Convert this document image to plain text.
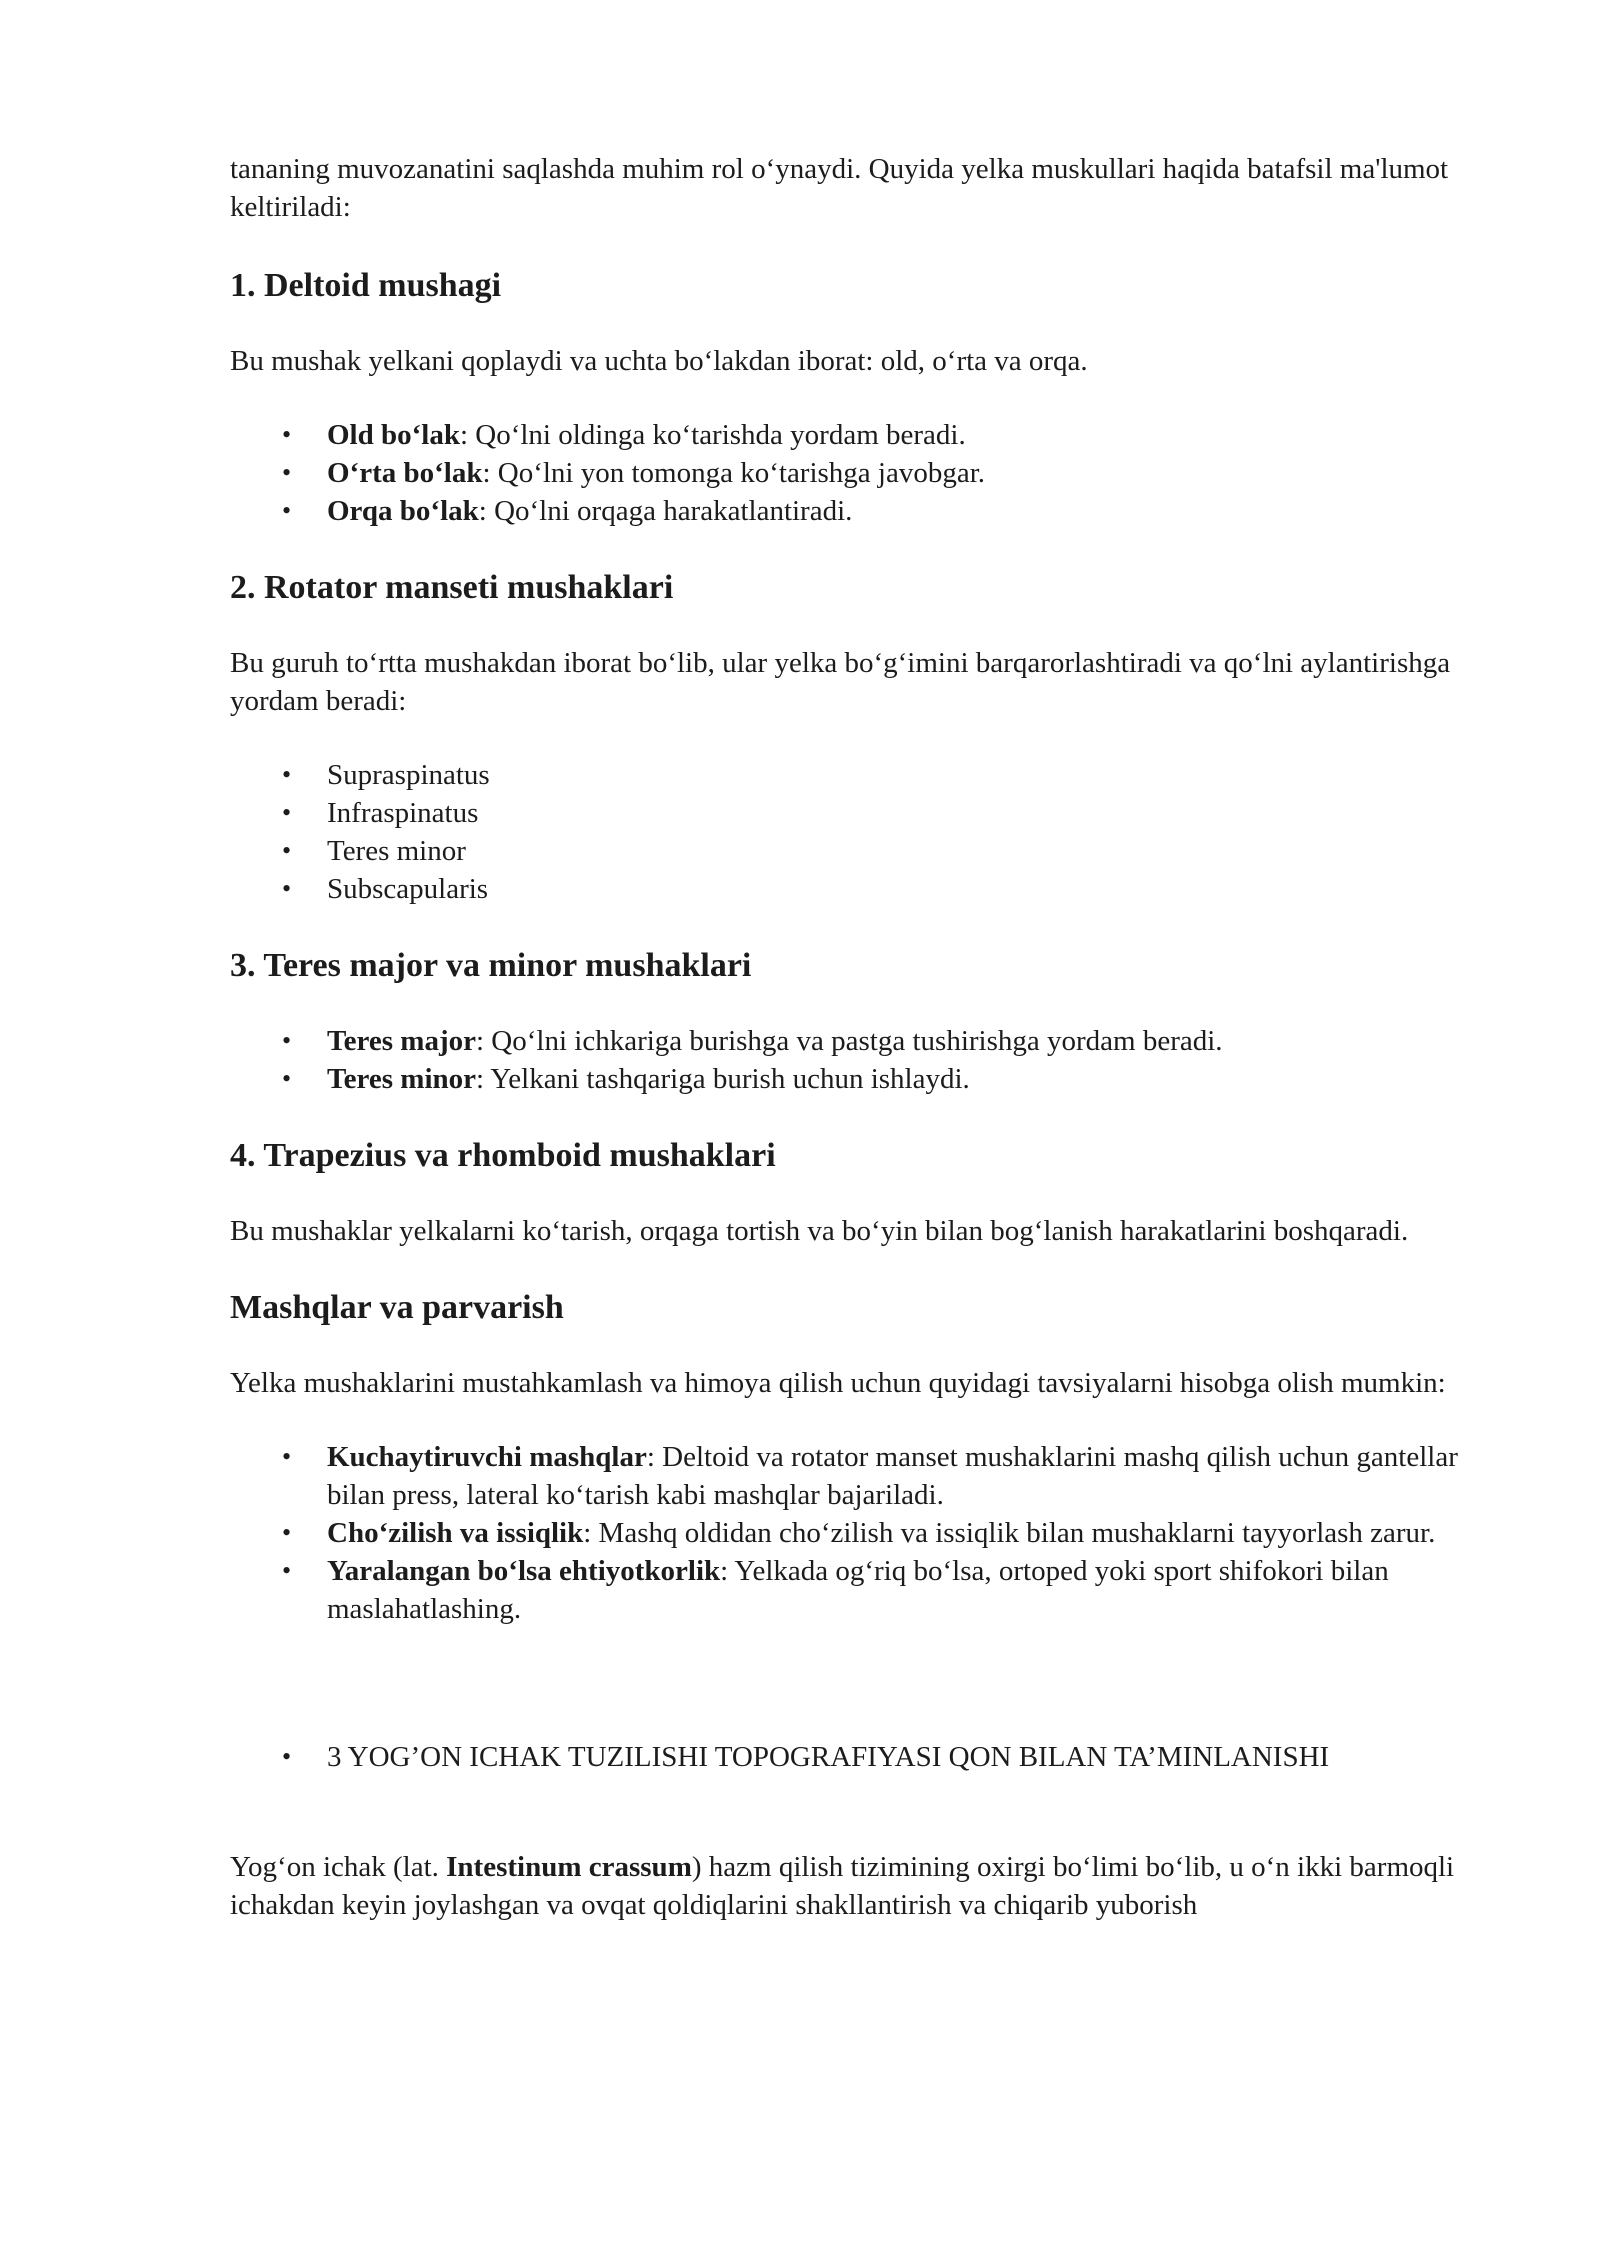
tananing muvozanatini saqlashda muhim rol o‘ynaydi. Quyida yelka muskullari haqida batafsil ma'lumot keltiriladi:

1. Deltoid mushagi

Bu mushak yelkani qoplaydi va uchta bo‘lakdan iborat: old, o‘rta va orqa.

• Old bo‘lak: Qo‘lni oldinga ko‘tarishda yordam beradi.
• O‘rta bo‘lak: Qo‘lni yon tomonga ko‘tarishga javobgar.
• Orqa bo‘lak: Qo‘lni orqaga harakatlantiradi.
2. Rotator manseti mushaklari

Bu guruh to‘rtta mushakdan iborat bo‘lib, ular yelka bo‘g‘imini barqarorlashtiradi va qo‘lni aylantirishga yordam beradi:

• Supraspinatus
• Infraspinatus
• Teres minor
• Subscapularis
3. Teres major va minor mushaklari
• Teres major: Qo‘lni ichkariga burishga va pastga tushirishga yordam beradi.
• Teres minor: Yelkani tashqariga burish uchun ishlaydi.
4. Trapezius va rhomboid mushaklari

Bu mushaklar yelkalarni ko‘tarish, orqaga tortish va bo‘yin bilan bog‘lanish harakatlarini boshqaradi.

Mashqlar va parvarish

Yelka mushaklarini mustahkamlash va himoya qilish uchun quyidagi tavsiyalarni hisobga olish mumkin:

• Kuchaytiruvchi mashqlar: Deltoid va rotator manset mushaklarini mashq qilish uchun gantellar bilan press, lateral ko‘tarish kabi mashqlar bajariladi.
• Cho‘zilish va issiqlik: Mashq oldidan cho‘zilish va issiqlik bilan mushaklarni tayyorlash zarur.
• Yaralangan bo‘lsa ehtiyotkorlik: Yelkada og‘riq bo‘lsa, ortoped yoki sport shifokori bilan maslahatlashing.
• 3 YOG’ON ICHAK TUZILISHI TOPOGRAFIYASI QON BILAN TA’MINLANISHI

Yog‘on ichak (lat. Intestinum crassum) hazm qilish tizimining oxirgi bo‘limi bo‘lib, u o‘n ikki barmoqli ichakdan keyin joylashgan va ovqat qoldiqlarini shakllantirish va chiqarib yuborish
